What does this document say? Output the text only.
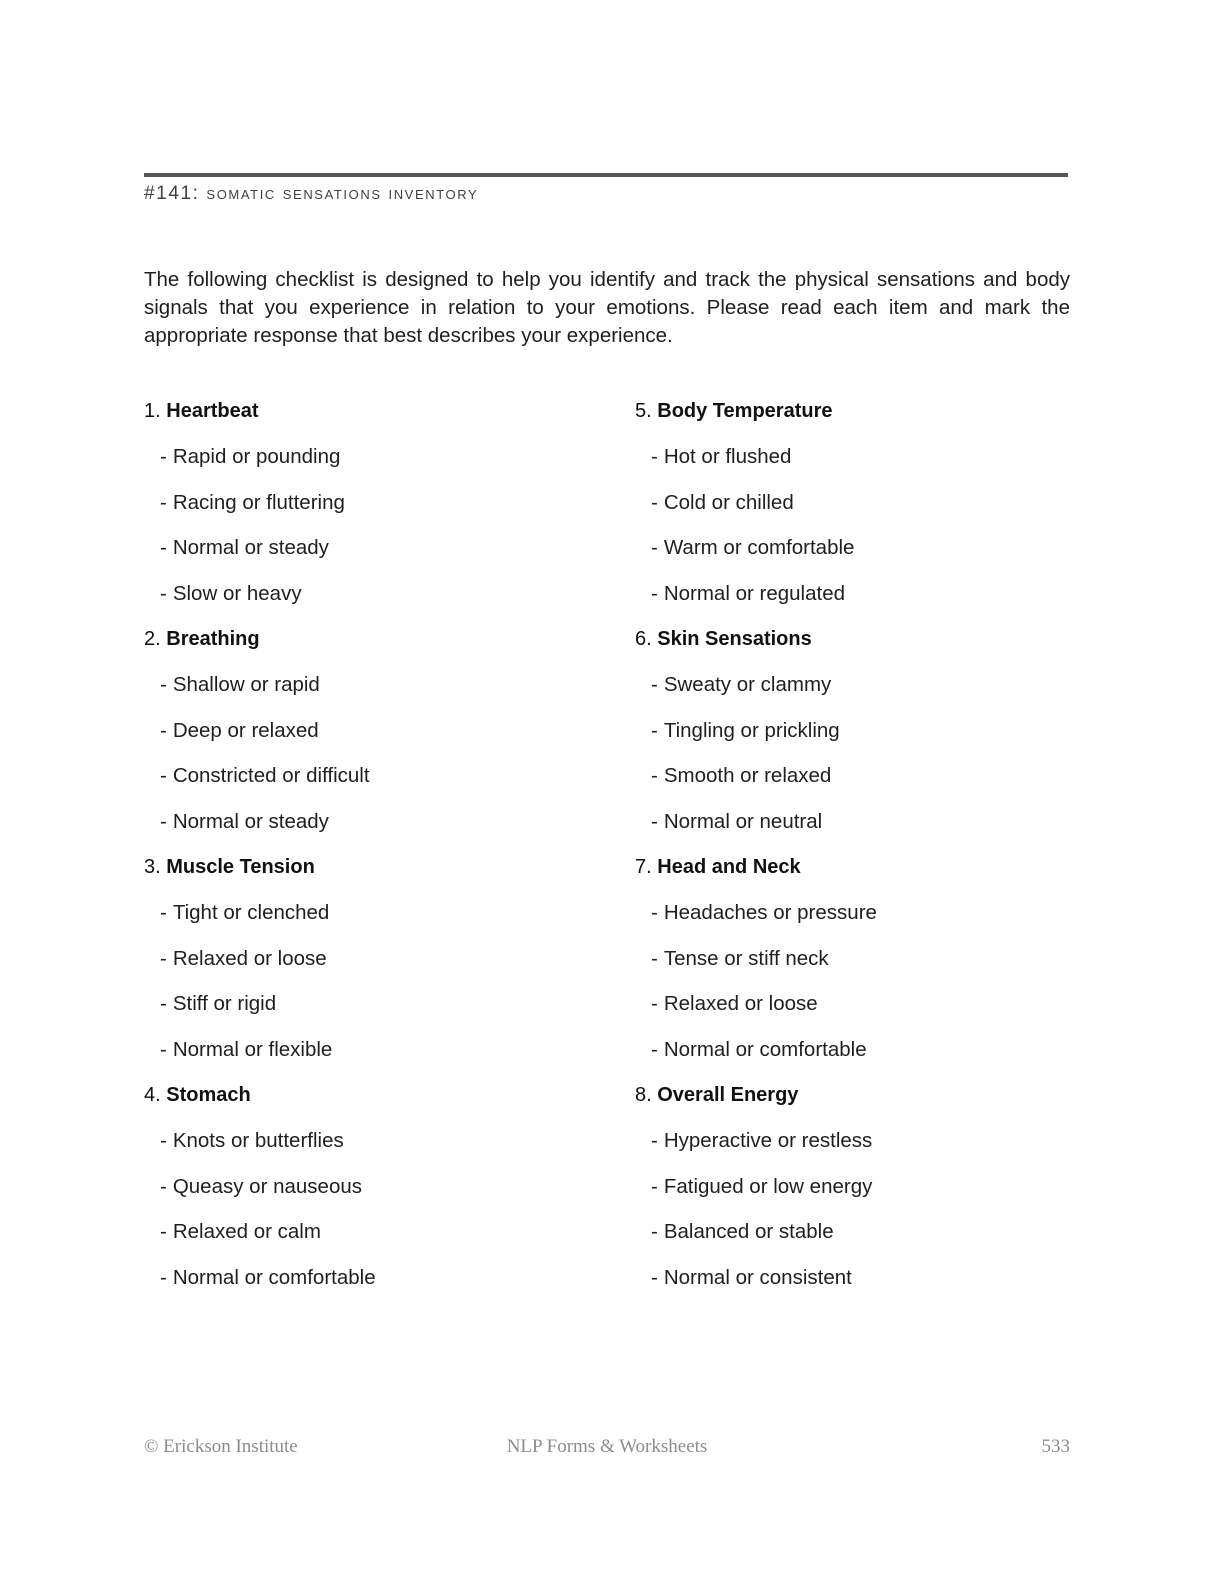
#141: somatic sensations inventory
The following checklist is designed to help you identify and track the physical sensations and body signals that you experience in relation to your emotions. Please read each item and mark the appropriate response that best describes your experience.
1. Heartbeat
- Rapid or pounding
- Racing or fluttering
- Normal or steady
- Slow or heavy
2. Breathing
- Shallow or rapid
- Deep or relaxed
- Constricted or difficult
- Normal or steady
3. Muscle Tension
- Tight or clenched
- Relaxed or loose
- Stiff or rigid
- Normal or flexible
4. Stomach
- Knots or butterflies
- Queasy or nauseous
- Relaxed or calm
- Normal or comfortable
5. Body Temperature
- Hot or flushed
- Cold or chilled
- Warm or comfortable
- Normal or regulated
6. Skin Sensations
- Sweaty or clammy
- Tingling or prickling
- Smooth or relaxed
- Normal or neutral
7. Head and Neck
- Headaches or pressure
- Tense or stiff neck
- Relaxed or loose
- Normal or comfortable
8. Overall Energy
- Hyperactive or restless
- Fatigued or low energy
- Balanced or stable
- Normal or consistent
© Erickson Institute	NLP Forms & Worksheets	533
